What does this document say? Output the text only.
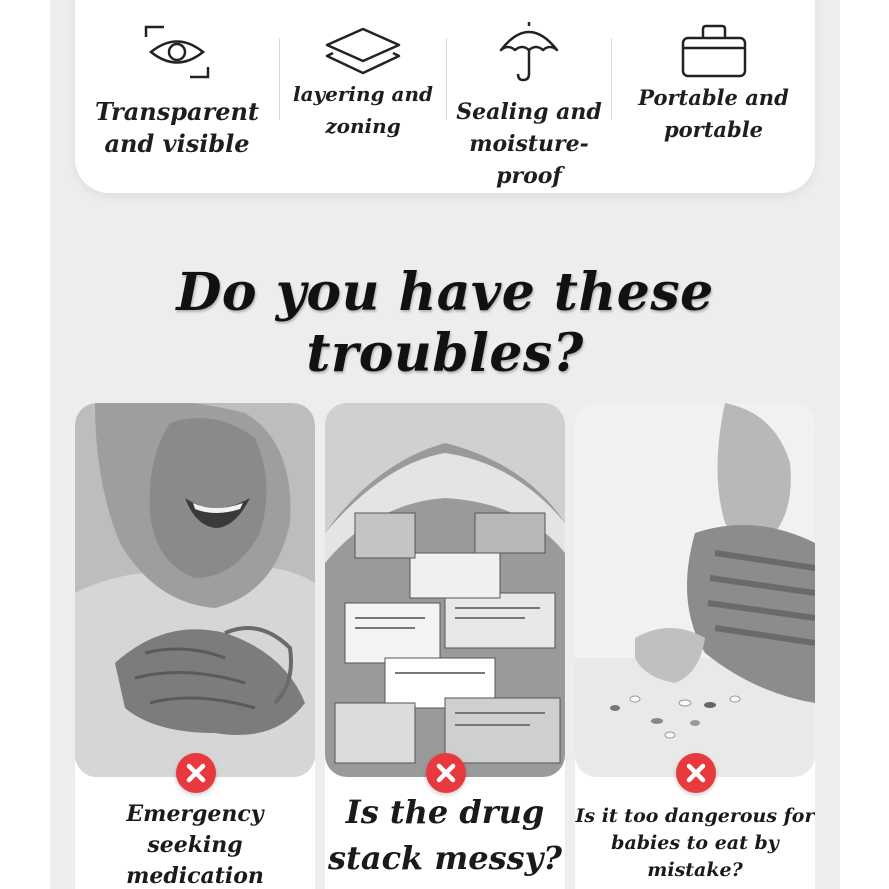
Transparent and visible
layering and zoning
Sealing and moisture-proof
Portable and portable
Do you have these troubles?
Emergency seeking medication
Is the drug stack messy?
Is it too dangerous for babies to eat by mistake?
